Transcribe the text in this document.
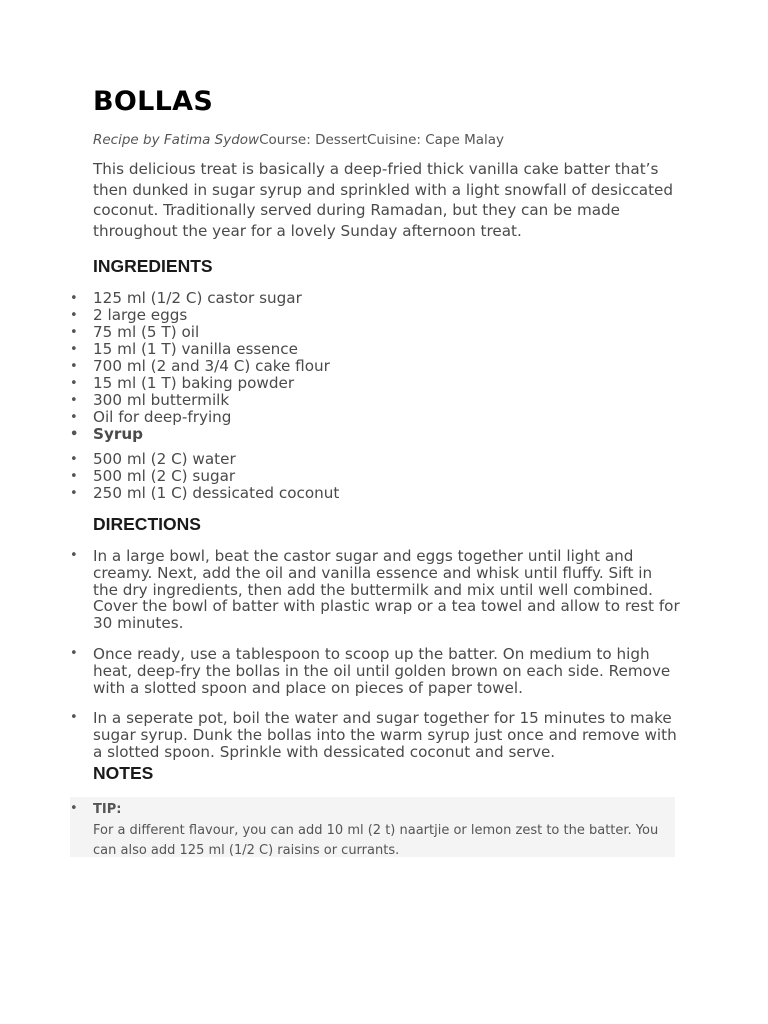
BOLLAS
Recipe by Fatima SydowCourse: DessertCuisine: Cape Malay

This delicious treat is basically a deep-fried thick vanilla cake batter that’s then dunked in sugar syrup and sprinkled with a light snowfall of desiccated coconut. Traditionally served during Ramadan, but they can be made throughout the year for a lovely Sunday afternoon treat.

INGREDIENTS
• 125 ml (1/2 C) castor sugar
• 2 large eggs
• 75 ml (5 T) oil
• 15 ml (1 T) vanilla essence
• 700 ml (2 and 3/4 C) cake flour
• 15 ml (1 T) baking powder
• 300 ml buttermilk
• Oil for deep-frying
• Syrup
• 500 ml (2 C) water
• 500 ml (2 C) sugar
• 250 ml (1 C) dessicated coconut
DIRECTIONS
• In a large bowl, beat the castor sugar and eggs together until light and creamy. Next, add the oil and vanilla essence and whisk until fluffy. Sift in the dry ingredients, then add the buttermilk and mix until well combined. Cover the bowl of batter with plastic wrap or a tea towel and allow to rest for 30 minutes.
• Once ready, use a tablespoon to scoop up the batter. On medium to high heat, deep-fry the bollas in the oil until golden brown on each side. Remove with a slotted spoon and place on pieces of paper towel.
• In a seperate pot, boil the water and sugar together for 15 minutes to make sugar syrup. Dunk the bollas into the warm syrup just once and remove with a slotted spoon. Sprinkle with dessicated coconut and serve.
NOTES
• TIP:

For a different flavour, you can add 10 ml (2 t) naartjie or lemon zest to the batter. You can also add 125 ml (1/2 C) raisins or currants.
